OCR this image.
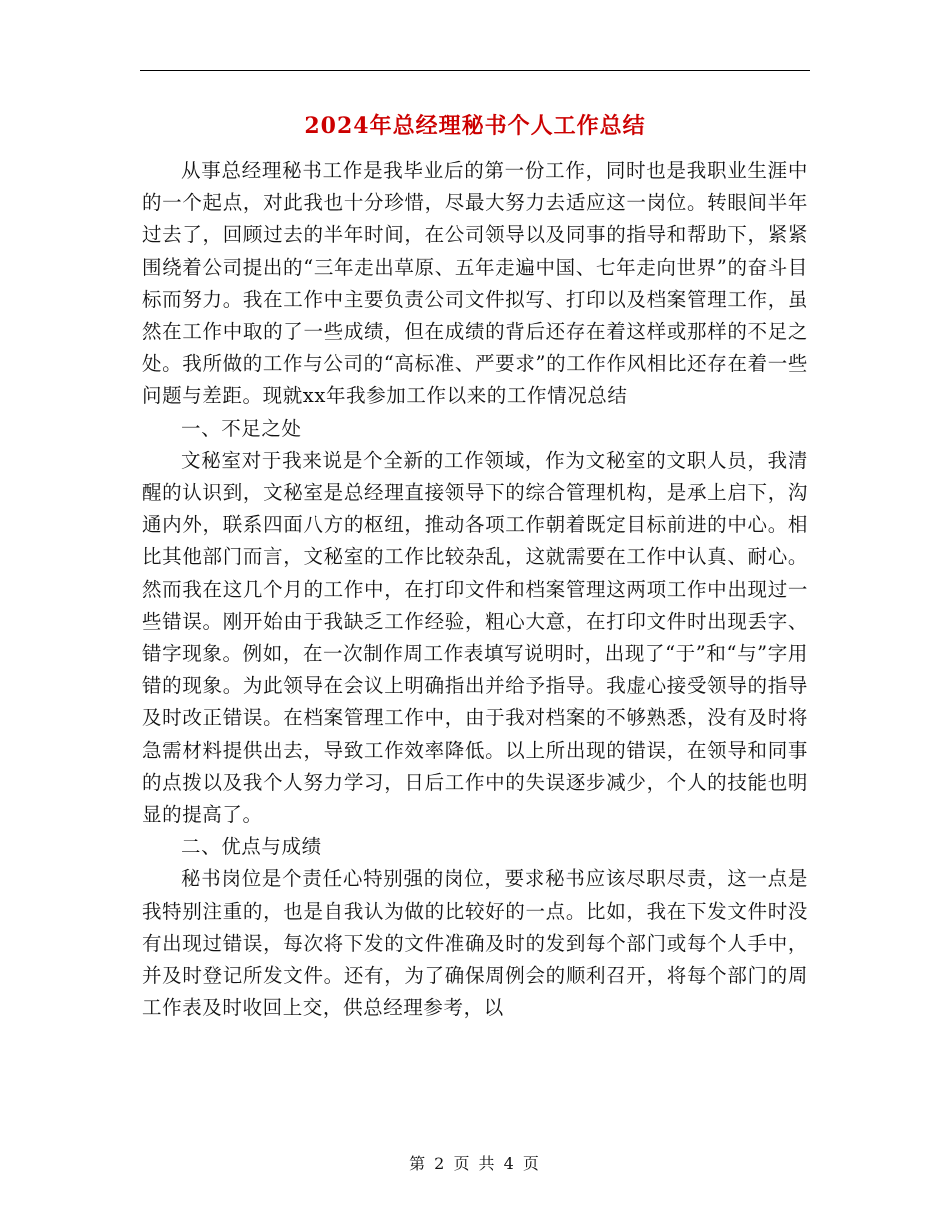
2024年总经理秘书个人工作总结

从事总经理秘书工作是我毕业后的第一份工作，同时也是我职业生涯中的一个起点，对此我也十分珍惜，尽最大努力去适应这一岗位。转眼间半年过去了，回顾过去的半年时间，在公司领导以及同事的指导和帮助下，紧紧围绕着公司提出的“三年走出草原、五年走遍中国、七年走向世界”的奋斗目标而努力。我在工作中主要负责公司文件拟写、打印以及档案管理工作，虽然在工作中取的了一些成绩，但在成绩的背后还存在着这样或那样的不足之处。我所做的工作与公司的“高标准、严要求”的工作作风相比还存在着一些问题与差距。现就xx年我参加工作以来的工作情况总结

一、不足之处

文秘室对于我来说是个全新的工作领域，作为文秘室的文职人员，我清醒的认识到，文秘室是总经理直接领导下的综合管理机构，是承上启下，沟通内外，联系四面八方的枢纽，推动各项工作朝着既定目标前进的中心。相比其他部门而言，文秘室的工作比较杂乱，这就需要在工作中认真、耐心。然而我在这几个月的工作中，在打印文件和档案管理这两项工作中出现过一些错误。刚开始由于我缺乏工作经验，粗心大意，在打印文件时出现丢字、错字现象。例如，在一次制作周工作表填写说明时，出现了“于”和“与”字用错的现象。为此领导在会议上明确指出并给予指导。我虚心接受领导的指导及时改正错误。在档案管理工作中，由于我对档案的不够熟悉，没有及时将急需材料提供出去，导致工作效率降低。以上所出现的错误，在领导和同事的点拨以及我个人努力学习，日后工作中的失误逐步减少，个人的技能也明显的提高了。

二、优点与成绩

秘书岗位是个责任心特别强的岗位，要求秘书应该尽职尽责，这一点是我特别注重的，也是自我认为做的比较好的一点。比如，我在下发文件时没有出现过错误，每次将下发的文件准确及时的发到每个部门或每个人手中，并及时登记所发文件。还有，为了确保周例会的顺利召开，将每个部门的周工作表及时收回上交，供总经理参考，以

第 2 页 共 4 页
